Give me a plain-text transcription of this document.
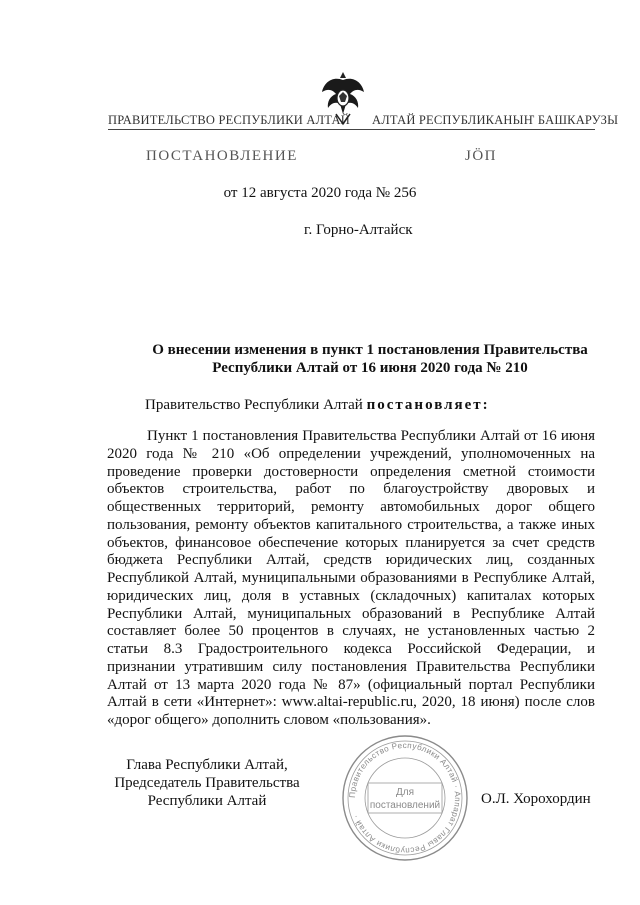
ПРАВИТЕЛЬСТВО РЕСПУБЛИКИ АЛТАЙ АЛТАЙ РЕСПУБЛИКАНЫҤ БАШКАРУЗЫ
ПОСТАНОВЛЕНИЕ	ЈÖП
от 12 августа 2020 года № 256
г. Горно-Алтайск
О внесении изменения в пункт 1 постановления Правительства Республики Алтай от 16 июня 2020 года № 210
Правительство Республики Алтай постановляет:
Пункт 1 постановления Правительства Республики Алтай от 16 июня 2020 года № 210 «Об определении учреждений, уполномоченных на проведение проверки достоверности определения сметной стоимости объектов строительства, работ по благоустройству дворовых и общественных территорий, ремонту автомобильных дорог общего пользования, ремонту объектов капитального строительства, а также иных объектов, финансовое обеспечение которых планируется за счет средств бюджета Республики Алтай, средств юридических лиц, созданных Республикой Алтай, муниципальными образованиями в Республике Алтай, юридических лиц, доля в уставных (складочных) капиталах которых Республики Алтай, муниципальных образований в Республике Алтай составляет более 50 процентов в случаях, не установленных частью 2 статьи 8.3 Градостроительного кодекса Российской Федерации, и признании утратившим силу постановления Правительства Республики Алтай от 13 марта 2020 года № 87» (официальный портал Республики Алтай в сети «Интернет»: www.altai-republic.ru, 2020, 18 июня) после слов «дорог общего» дополнить словом «пользования».
Глава Республики Алтай,
Председатель Правительства
Республики Алтай	Правительство Республики Алтай · Аппарат Главы Республики Алтай ·
Для
постановлений	О.Л. Хорохордин
